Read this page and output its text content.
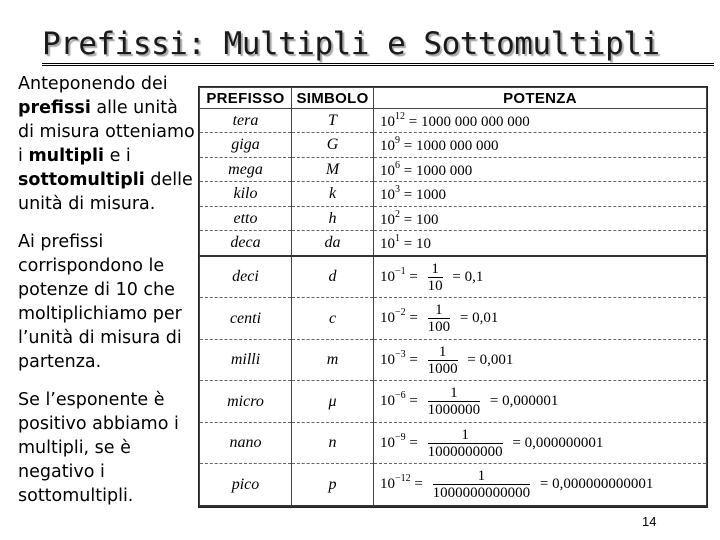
Prefissi: Multipli e Sottomultipli

Anteponendo dei prefissi alle unità di misura otteniamo i multipli e i sottomultipli delle unità di misura.

Ai prefissi corrispondono le potenze di 10 che moltiplichiamo per l’unità di misura di partenza.

Se l’esponente è positivo abbiamo i multipli, se è negativo i sottomultipli.

PREFISSO	SIMBOLO	POTENZA
tera	T	$10^{12} = 1000$ 000 000 000
giga	G	$10^9 = 1000$ 000 000
mega	M	$10^6 = 1000$ 000
kilo	k	$10^3 = 1000$
etto	h	$10^2 = 100$
deca	da	$10^1 = 10$
deci	d	$10^{-1} = \frac{1}{10} = 0,1$
centi	c	$10^{-2} = \frac{1}{100} = 0,01$
milli	m	$10^{-3} = \frac{1}{1000} = 0,001$
micro	μ	$10^{-6} = \frac{1}{1000000} = 0,000001$
nano	n	$10^{-9} = \frac{1}{1000000000} = 0,000000001$
pico	p	$10^{-12} = \frac{1}{1000000000000} = 0,000000000001$
14
